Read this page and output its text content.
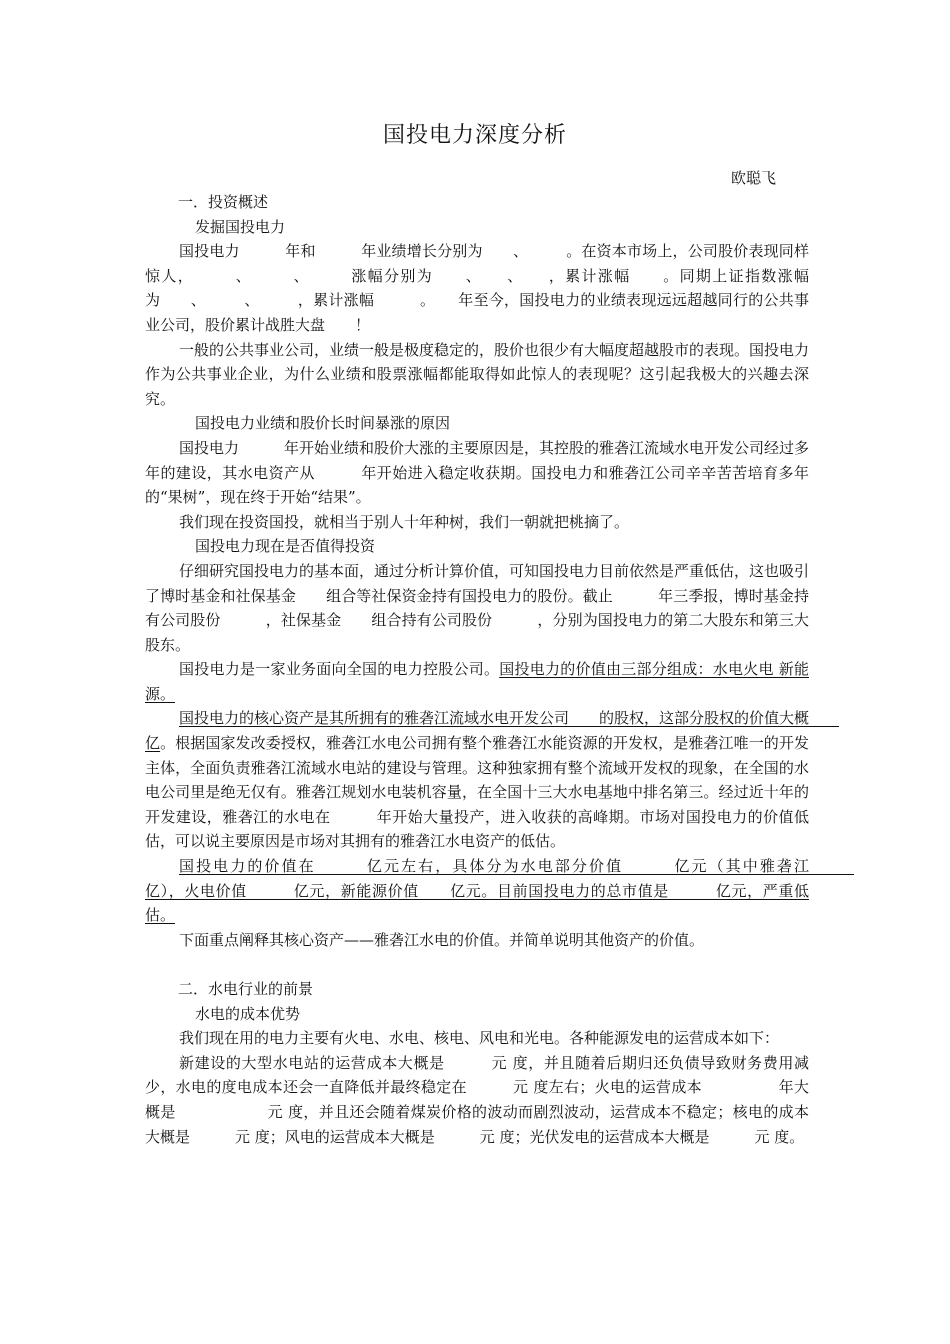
国投电力深度分析
欧聪飞

一．投资概述

发掘国投电力

国投电力　　　年和　　　年业绩增长分别为　　、　　　。在资本市场上，公司股价表现同样惊人，　　　、　　　、　　　涨幅分别为　　、　　、　　，累计涨幅　　。同期上证指数涨幅为　　、　　　、　　　，累计涨幅　　　。　　年至今，国投电力的业绩表现远远超越同行的公共事业公司，股价累计战胜大盘　　！

一般的公共事业公司，业绩一般是极度稳定的，股价也很少有大幅度超越股市的表现。国投电力作为公共事业企业，为什么业绩和股票涨幅都能取得如此惊人的表现呢？这引起我极大的兴趣去深究。

国投电力业绩和股价长时间暴涨的原因

国投电力　　　年开始业绩和股价大涨的主要原因是，其控股的雅砻江流域水电开发公司经过多年的建设，其水电资产从　　　年开始进入稳定收获期。国投电力和雅砻江公司辛辛苦苦培育多年的“果树”，现在终于开始“结果”。

我们现在投资国投，就相当于别人十年种树，我们一朝就把桃摘了。

国投电力现在是否值得投资

仔细研究国投电力的基本面，通过分析计算价值，可知国投电力目前依然是严重低估，这也吸引了博时基金和社保基金　　组合等社保资金持有国投电力的股份。截止　　　年三季报，博时基金持有公司股份　　　，社保基金　　组合持有公司股份　　　，分别为国投电力的第二大股东和第三大股东。

国投电力是一家业务面向全国的电力控股公司。国投电力的价值由三部分组成：水电火电 新能源。

国投电力的核心资产是其所拥有的雅砻江流域水电开发公司　　的股权，这部分股权的价值大概　　亿。根据国家发改委授权，雅砻江水电公司拥有整个雅砻江水能资源的开发权，是雅砻江唯一的开发主体，全面负责雅砻江流域水电站的建设与管理。这种独家拥有整个流域开发权的现象，在全国的水电公司里是绝无仅有。雅砻江规划水电装机容量，在全国十三大水电基地中排名第三。经过近十年的开发建设，雅砻江的水电在　　　年开始大量投产，进入收获的高峰期。市场对国投电力的价值低估，可以说主要原因是市场对其拥有的雅砻江水电资产的低估。

国投电力的价值在　　　亿元左右，具体分为水电部分价值　　　亿元（其中雅砻江　　　亿），火电价值　　　亿元，新能源价值　　亿元。目前国投电力的总市值是　　　亿元，严重低估。

下面重点阐释其核心资产——雅砻江水电的价值。并简单说明其他资产的价值。

二．水电行业的前景

水电的成本优势

我们现在用的电力主要有火电、水电、核电、风电和光电。各种能源发电的运营成本如下：

新建设的大型水电站的运营成本大概是　　　元 度，并且随着后期归还负债导致财务费用减少，水电的度电成本还会一直降低并最终稳定在　　　元 度左右；火电的运营成本　　　　　年大概是　　　　　　元 度，并且还会随着煤炭价格的波动而剧烈波动，运营成本不稳定；核电的成本大概是　　　元 度；风电的运营成本大概是　　　元 度；光伏发电的运营成本大概是　　　元 度。
